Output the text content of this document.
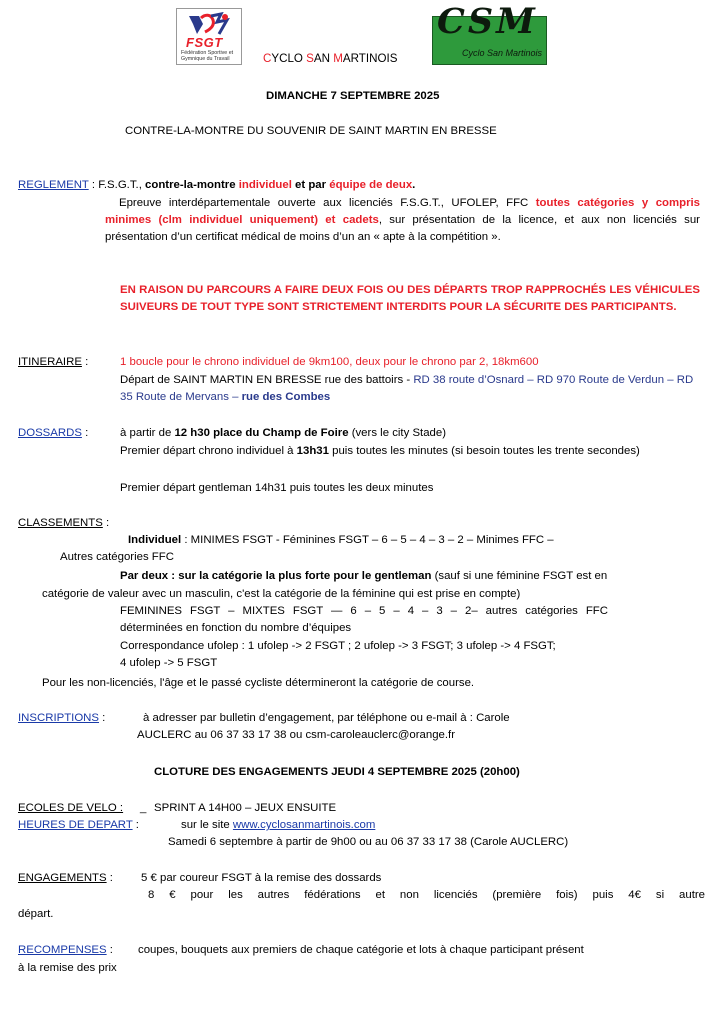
FSGT
Fédération Sportive et Gymnique du Travail
CSM
Cyclo San Martinois
CYCLO SAN MARTINOIS
DIMANCHE 7 SEPTEMBRE 2025
CONTRE-LA-MONTRE DU SOUVENIR DE SAINT MARTIN EN BRESSE
REGLEMENT : F.S.G.T., contre-la-montre individuel et par équipe de deux.
Epreuve interdépartementale ouverte aux licenciés F.S.G.T., UFOLEP, FFC toutes catégories y compris minimes (clm individuel uniquement) et cadets, sur présentation de la licence, et aux non licenciés sur présentation d’un certificat médical de moins d’un an « apte à la compétition ».
EN RAISON DU PARCOURS A FAIRE DEUX FOIS OU DES DÉPARTS TROP RAPPROCHÉS LES VÉHICULES SUIVEURS DE TOUT TYPE SONT STRICTEMENT INTERDITS POUR LA SÉCURITE DES PARTICIPANTS.
ITINERAIRE :	1 boucle pour le chrono individuel de 9km100, deux pour le chrono par 2, 18km600
Départ de SAINT MARTIN EN BRESSE rue des battoirs - RD 38 route d’Osnard – RD 970 Route de Verdun – RD 35 Route de Mervans – rue des Combes
DOSSARDS :	à partir de 12 h30 place du Champ de Foire (vers le city Stade)
Premier départ chrono individuel à 13h31 puis toutes les minutes (si besoin toutes les trente secondes)
Premier départ gentleman 14h31 puis toutes les deux minutes
CLASSEMENTS :
Individuel : MINIMES FSGT - Féminines FSGT – 6 – 5 – 4 – 3 – 2 – Minimes FFC –
Autres catégories FFC
Par deux : sur la catégorie la plus forte pour le gentleman (sauf si une féminine FSGT est en
catégorie de valeur avec un masculin, c'est la catégorie de la féminine qui est prise en compte)
FEMININES FSGT – MIXTES FSGT — 6 – 5 – 4 – 3 – 2– autres catégories FFC
déterminées en fonction du nombre d’équipes
Correspondance ufolep : 1 ufolep -> 2 FSGT ; 2 ufolep -> 3 FSGT; 3 ufolep -> 4 FSGT;
4 ufolep -> 5 FSGT
Pour les non-licenciés, l'âge et le passé cycliste détermineront la catégorie de course.
INSCRIPTIONS :	à adresser par bulletin d’engagement, par téléphone ou e-mail à : Carole
AUCLERC au 06 37 33 17 38 ou csm-caroleauclerc@orange.fr
CLOTURE DES ENGAGEMENTS JEUDI 4 SEPTEMBRE 2025 (20h00)
ECOLES DE VELO : _ SPRINT A 14H00 – JEUX ENSUITE
HEURES DE DEPART :	sur le site www.cyclosanmartinois.com
Samedi 6 septembre à partir de 9h00 ou au 06 37 33 17 38 (Carole AUCLERC)
ENGAGEMENTS : 5 € par coureur FSGT à la remise des dossards
8 € pour les autres fédérations et non licenciés (première fois) puis 4€ si autre
départ.
RECOMPENSES : coupes, bouquets aux premiers de chaque catégorie et lots à chaque participant présent
à la remise des prix
